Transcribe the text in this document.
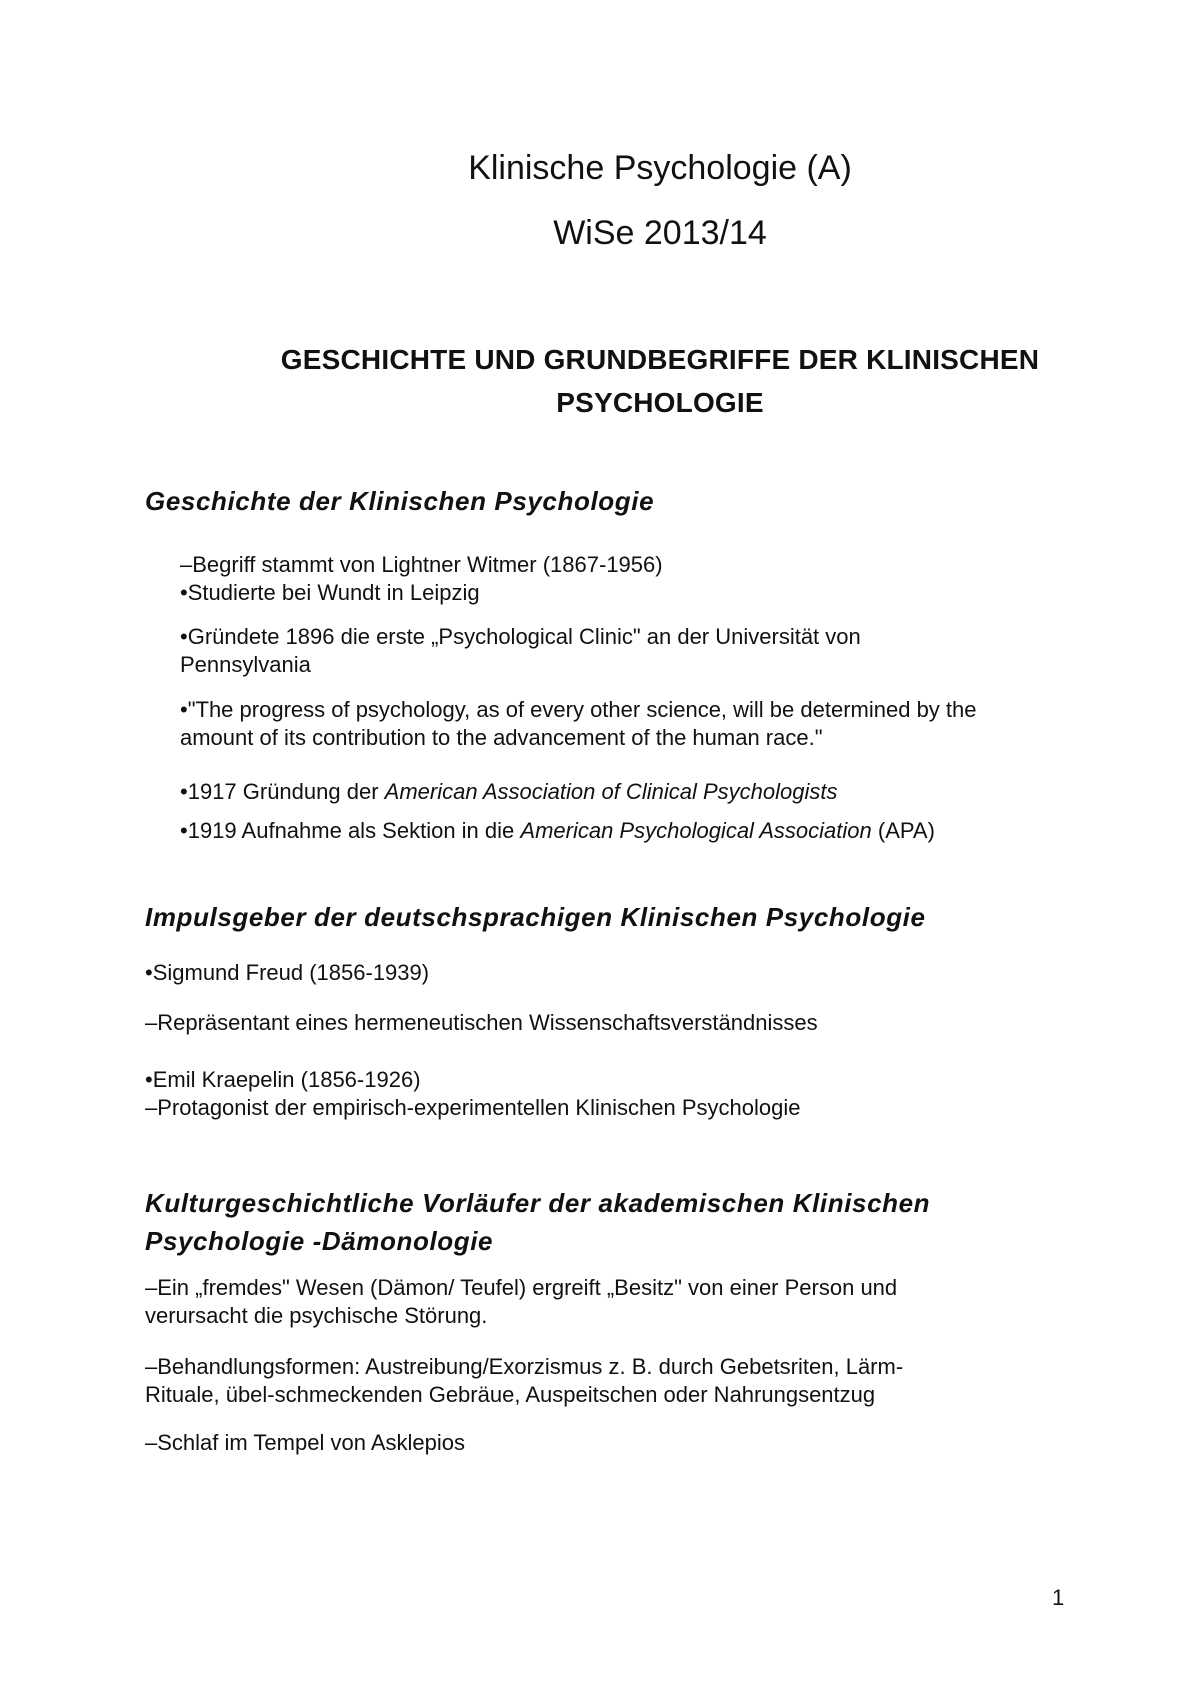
Klinische Psychologie (A)
WiSe 2013/14
GESCHICHTE UND GRUNDBEGRIFFE DER KLINISCHEN
PSYCHOLOGIE
Geschichte der Klinischen Psychologie
–Begriff stammt von Lightner Witmer (1867-1956)
•Studierte bei Wundt in Leipzig
•Gründete 1896 die erste „Psychological Clinic" an der Universität von
Pennsylvania
•"The progress of psychology, as of every other science, will be determined by the
amount of its contribution to the advancement of the human race."
•1917 Gründung der American Association of Clinical Psychologists
•1919 Aufnahme als Sektion in die American Psychological Association (APA)
Impulsgeber der deutschsprachigen Klinischen Psychologie
•Sigmund Freud (1856-1939)
–Repräsentant eines hermeneutischen Wissenschaftsverständnisses
•Emil Kraepelin (1856-1926)
–Protagonist der empirisch-experimentellen Klinischen Psychologie
Kulturgeschichtliche Vorläufer der akademischen Klinischen
Psychologie -Dämonologie
–Ein „fremdes" Wesen (Dämon/ Teufel) ergreift „Besitz" von einer Person und
verursacht die psychische Störung.
–Behandlungsformen: Austreibung/Exorzismus z. B. durch Gebetsriten, Lärm-
Rituale, übel-schmeckenden Gebräue, Auspeitschen oder Nahrungsentzug
–Schlaf im Tempel von Asklepios
1
